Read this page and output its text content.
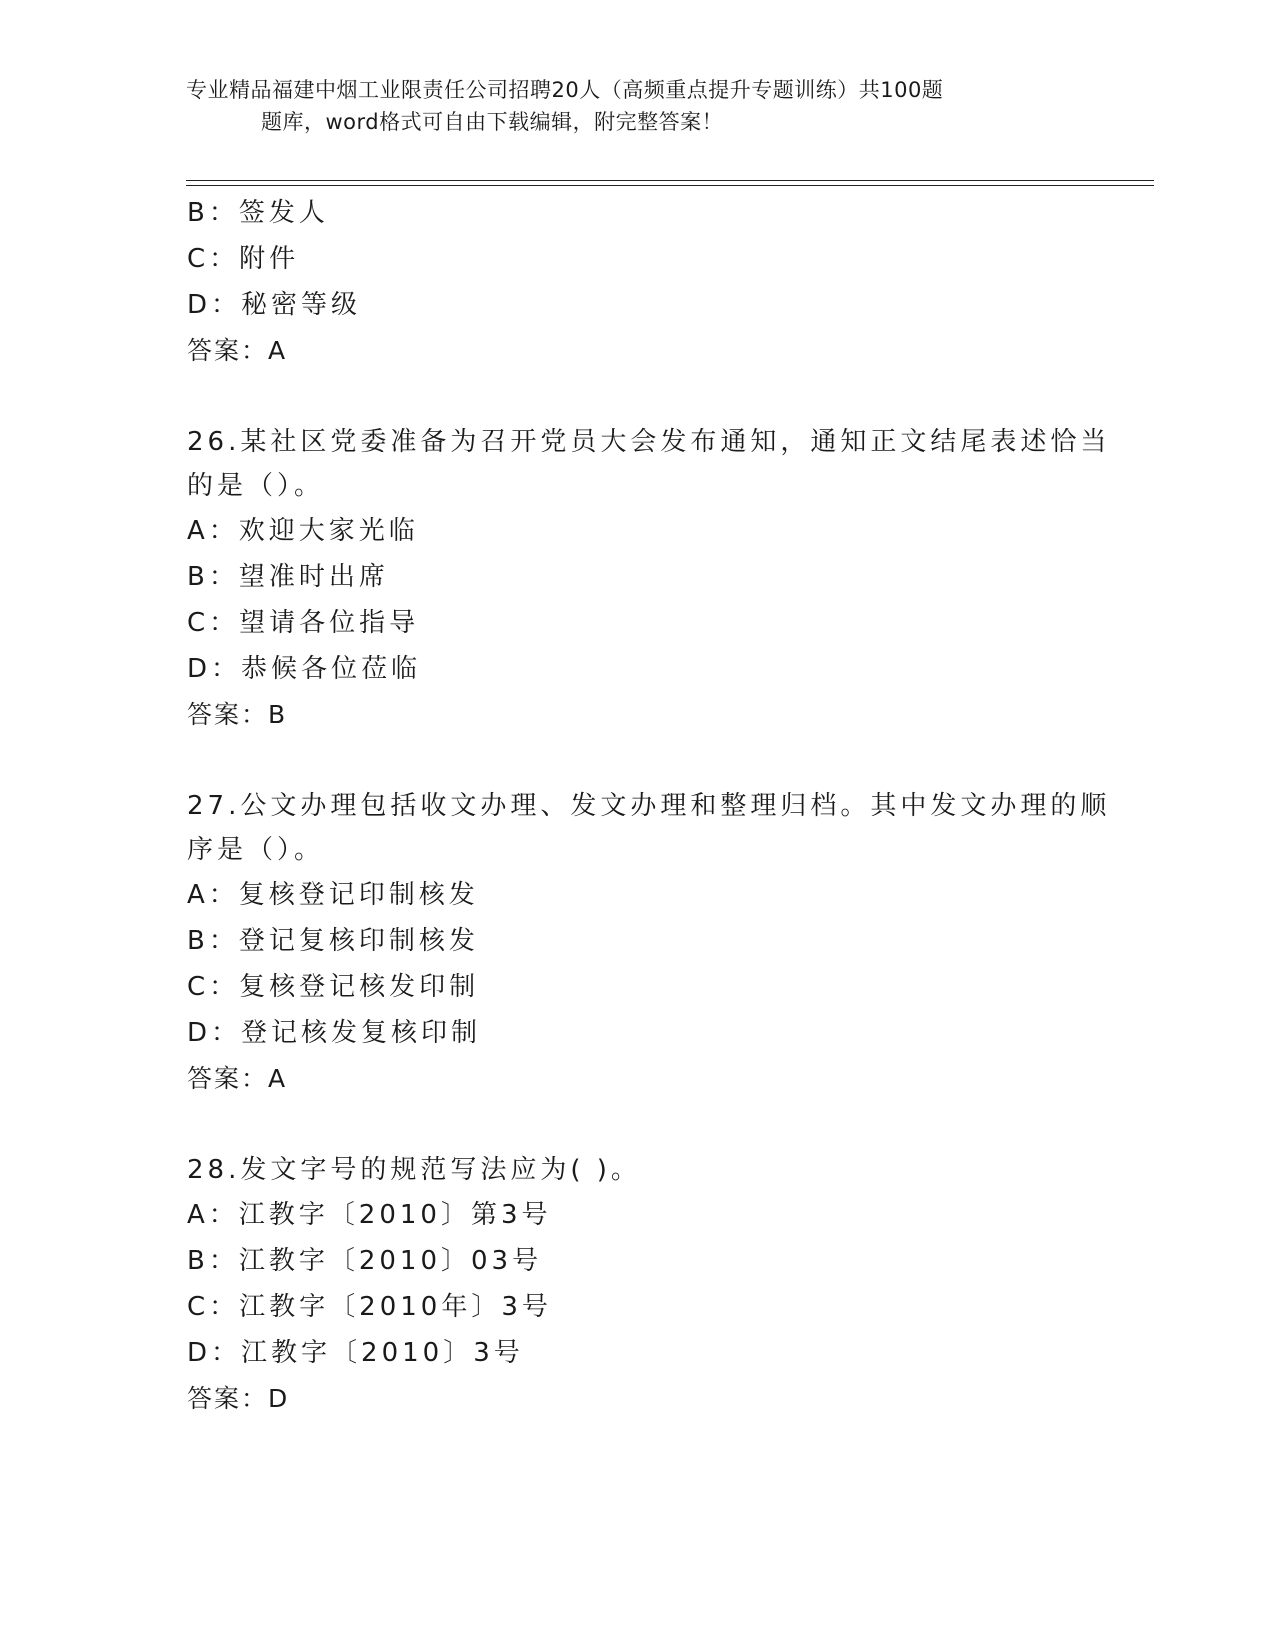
专业精品福建中烟工业限责任公司招聘20人（高频重点提升专题训练）共100题
题库，word格式可自由下载编辑，附完整答案！
B：签发人
C：附件
D：秘密等级
答案：A
26.某社区党委准备为召开党员大会发布通知，通知正文结尾表述恰当
的是（）。
A：欢迎大家光临
B：望准时出席
C：望请各位指导
D：恭候各位莅临
答案：B
27.公文办理包括收文办理、发文办理和整理归档。其中发文办理的顺
序是（）。
A：复核登记印制核发
B：登记复核印制核发
C：复核登记核发印制
D：登记核发复核印制
答案：A
28.发文字号的规范写法应为( )。
A：江教字〔2010〕第3号
B：江教字〔2010〕03号
C：江教字〔2010年〕3号
D：江教字〔2010〕3号
答案：D
